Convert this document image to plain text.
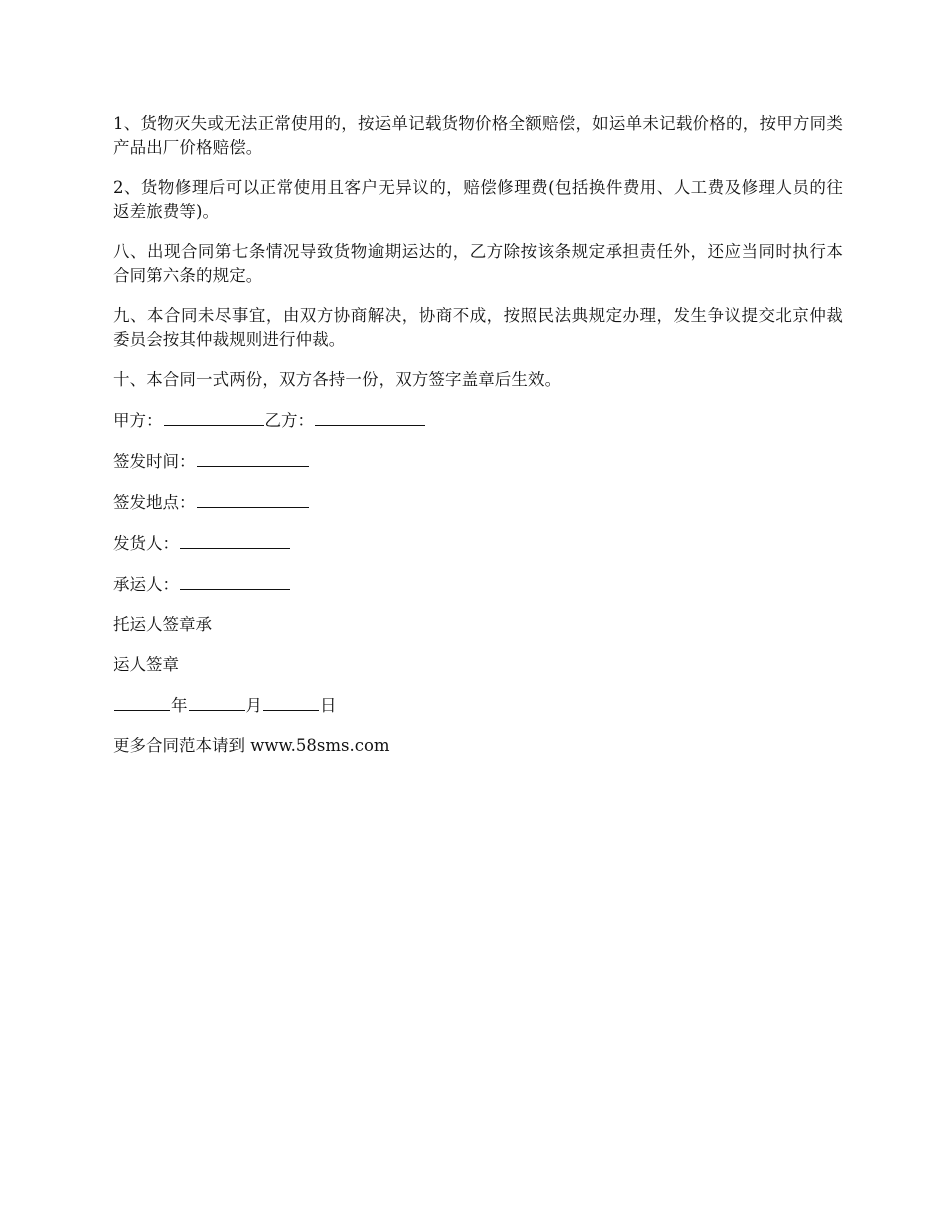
1、货物灭失或无法正常使用的，按运单记载货物价格全额赔偿，如运单未记载价格的，按甲方同类产品出厂价格赔偿。

2、货物修理后可以正常使用且客户无异议的，赔偿修理费(包括换件费用、人工费及修理人员的往返差旅费等)。

八、出现合同第七条情况导致货物逾期运达的，乙方除按该条规定承担责任外，还应当同时执行本合同第六条的规定。

九、本合同未尽事宜，由双方协商解决，协商不成，按照民法典规定办理，发生争议提交北京仲裁委员会按其仲裁规则进行仲裁。

十、本合同一式两份，双方各持一份，双方签字盖章后生效。

甲方：	乙方：
签发时间：
签发地点：
发货人：
承运人：
托运人签章承
运人签章
年	月	日
更多合同范本请到 www.58sms.com
